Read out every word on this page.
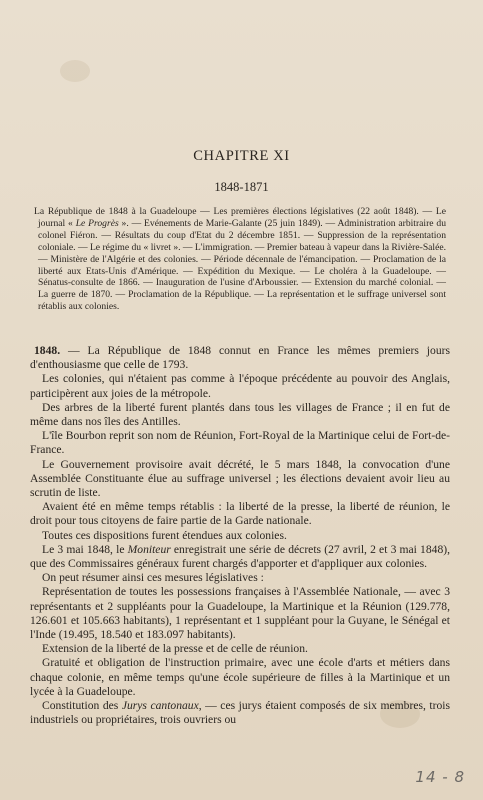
CHAPITRE XI
1848-1871
La République de 1848 à la Guadeloupe — Les premières élections législatives (22 août 1848). — Le journal « Le Progrès ». — Evénements de Marie-Galante (25 juin 1849). — Administration arbitraire du colonel Fiéron. — Résultats du coup d'Etat du 2 décembre 1851. — Suppression de la représentation coloniale. — Le régime du « livret ». — L'immigration. — Premier bateau à vapeur dans la Rivière-Salée. — Ministère de l'Algérie et des colonies. — Période décennale de l'émancipation. — Proclamation de la liberté aux Etats-Unis d'Amérique. — Expédition du Mexique. — Le choléra à la Guadeloupe. — Sénatus-consulte de 1866. — Inauguration de l'usine d'Arboussier. — Extension du marché colonial. — La guerre de 1870. — Proclamation de la République. — La représentation et le suffrage universel sont rétablis aux colonies.

1848. — La République de 1848 connut en France les mêmes premiers jours d'enthousiasme que celle de 1793.

Les colonies, qui n'étaient pas comme à l'époque précédente au pouvoir des Anglais, participèrent aux joies de la métropole.

Des arbres de la liberté furent plantés dans tous les villages de France ; il en fut de même dans nos îles des Antilles.

L'île Bourbon reprit son nom de Réunion, Fort-Royal de la Martinique celui de Fort-de-France.

Le Gouvernement provisoire avait décrété, le 5 mars 1848, la convocation d'une Assemblée Constituante élue au suffrage universel ; les élections devaient avoir lieu au scrutin de liste.

Avaient été en même temps rétablis : la liberté de la presse, la liberté de réunion, le droit pour tous citoyens de faire partie de la Garde nationale.

Toutes ces dispositions furent étendues aux colonies.

Le 3 mai 1848, le Moniteur enregistrait une série de décrets (27 avril, 2 et 3 mai 1848), que des Commissaires généraux furent chargés d'apporter et d'appliquer aux colonies.

On peut résumer ainsi ces mesures législatives :

Représentation de toutes les possessions françaises à l'Assemblée Nationale, — avec 3 représentants et 2 suppléants pour la Guadeloupe, la Martinique et la Réunion (129.778, 126.601 et 105.663 habitants), 1 représentant et 1 suppléant pour la Guyane, le Sénégal et l'Inde (19.495, 18.540 et 183.097 habitants).

Extension de la liberté de la presse et de celle de réunion.

Gratuité et obligation de l'instruction primaire, avec une école d'arts et métiers dans chaque colonie, en même temps qu'une école supérieure de filles à la Martinique et un lycée à la Guadeloupe.

Constitution des Jurys cantonaux, — ces jurys étaient composés de six membres, trois industriels ou propriétaires, trois ouvriers ou

14 - 8
